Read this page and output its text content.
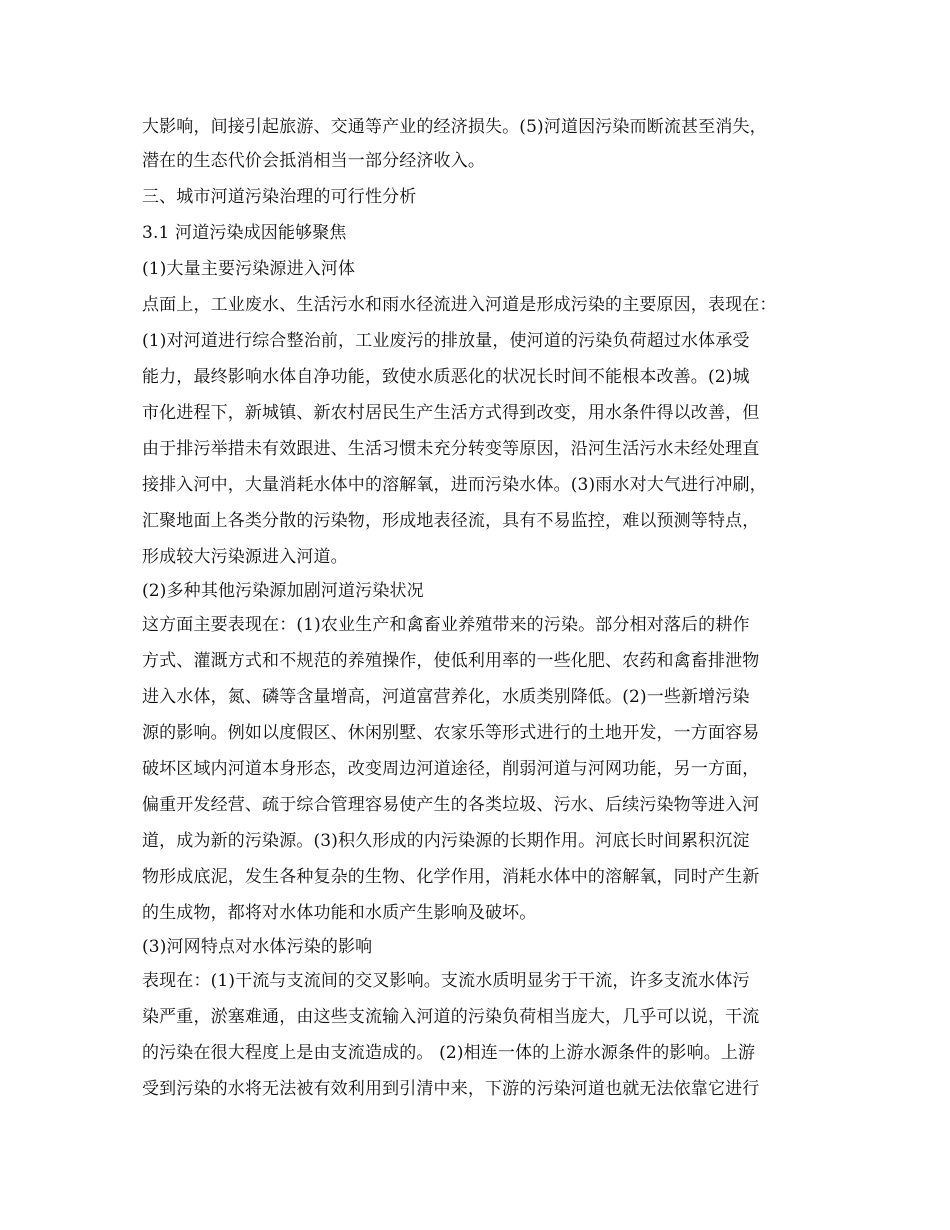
大影响，间接引起旅游、交通等产业的经济损失。(5)河道因污染而断流甚至消失，
潜在的生态代价会抵消相当一部分经济收入。
三、城市河道污染治理的可行性分析
3.1 河道污染成因能够聚焦
(1)大量主要污染源进入河体
点面上，工业废水、生活污水和雨水径流进入河道是形成污染的主要原因，表现在：
(1)对河道进行综合整治前，工业废污的排放量，使河道的污染负荷超过水体承受
能力，最终影响水体自净功能，致使水质恶化的状况长时间不能根本改善。(2)城
市化进程下，新城镇、新农村居民生产生活方式得到改变，用水条件得以改善，但
由于排污举措未有效跟进、生活习惯未充分转变等原因，沿河生活污水未经处理直
接排入河中，大量消耗水体中的溶解氧，进而污染水体。(3)雨水对大气进行冲刷，
汇聚地面上各类分散的污染物，形成地表径流，具有不易监控，难以预测等特点，
形成较大污染源进入河道。
(2)多种其他污染源加剧河道污染状况
这方面主要表现在：(1)农业生产和禽畜业养殖带来的污染。部分相对落后的耕作
方式、灌溉方式和不规范的养殖操作，使低利用率的一些化肥、农药和禽畜排泄物
进入水体，氮、磷等含量增高，河道富营养化，水质类别降低。(2)一些新增污染
源的影响。例如以度假区、休闲别墅、农家乐等形式进行的土地开发，一方面容易
破坏区域内河道本身形态，改变周边河道途径，削弱河道与河网功能，另一方面，
偏重开发经营、疏于综合管理容易使产生的各类垃圾、污水、后续污染物等进入河
道，成为新的污染源。(3)积久形成的内污染源的长期作用。河底长时间累积沉淀
物形成底泥，发生各种复杂的生物、化学作用，消耗水体中的溶解氧，同时产生新
的生成物，都将对水体功能和水质产生影响及破坏。
(3)河网特点对水体污染的影响
表现在：(1)干流与支流间的交叉影响。支流水质明显劣于干流，许多支流水体污
染严重，淤塞难通，由这些支流输入河道的污染负荷相当庞大，几乎可以说，干流
的污染在很大程度上是由支流造成的。 (2)相连一体的上游水源条件的影响。上游
受到污染的水将无法被有效利用到引清中来，下游的污染河道也就无法依靠它进行
